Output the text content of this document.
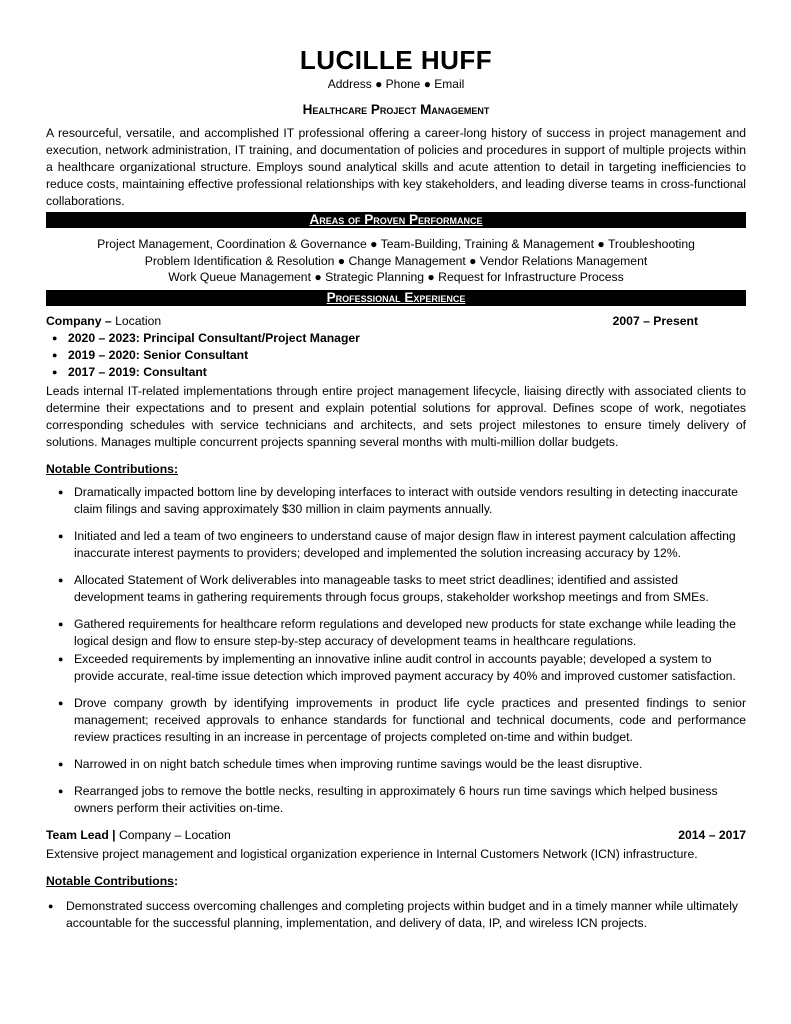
LUCILLE HUFF
Address ● Phone ● Email
Healthcare Project Management
A resourceful, versatile, and accomplished IT professional offering a career-long history of success in project management and execution, network administration, IT training, and documentation of policies and procedures in support of multiple projects within a healthcare organizational structure. Employs sound analytical skills and acute attention to detail in targeting inefficiencies to reduce costs, maintaining effective professional relationships with key stakeholders, and leading diverse teams in cross-functional collaborations.
Areas of Proven Performance
Project Management, Coordination & Governance ● Team-Building, Training & Management ● Troubleshooting
Problem Identification & Resolution ● Change Management ● Vendor Relations Management
Work Queue Management ● Strategic Planning ● Request for Infrastructure Process
Professional Experience
Company – Location	2007 – Present
● 2020 – 2023: Principal Consultant/Project Manager
● 2019 – 2020: Senior Consultant
● 2017 – 2019: Consultant
Leads internal IT-related implementations through entire project management lifecycle, liaising directly with associated clients to determine their expectations and to present and explain potential solutions for approval. Defines scope of work, negotiates corresponding schedules with service technicians and architects, and sets project milestones to ensure timely delivery of solutions. Manages multiple concurrent projects spanning several months with multi-million dollar budgets.
Notable Contributions:
● Dramatically impacted bottom line by developing interfaces to interact with outside vendors resulting in detecting inaccurate claim filings and saving approximately $30 million in claim payments annually.
● Initiated and led a team of two engineers to understand cause of major design flaw in interest payment calculation affecting inaccurate interest payments to providers; developed and implemented the solution increasing accuracy by 12%.
● Allocated Statement of Work deliverables into manageable tasks to meet strict deadlines; identified and assisted development teams in gathering requirements through focus groups, stakeholder workshop meetings and from SMEs.
● Gathered requirements for healthcare reform regulations and developed new products for state exchange while leading the logical design and flow to ensure step-by-step accuracy of development teams in healthcare regulations.
● Exceeded requirements by implementing an innovative inline audit control in accounts payable; developed a system to provide accurate, real-time issue detection which improved payment accuracy by 40% and improved customer satisfaction.
● Drove company growth by identifying improvements in product life cycle practices and presented findings to senior management; received approvals to enhance standards for functional and technical documents, code and performance review practices resulting in an increase in percentage of projects completed on-time and within budget.
● Narrowed in on night batch schedule times when improving runtime savings would be the least disruptive.
● Rearranged jobs to remove the bottle necks, resulting in approximately 6 hours run time savings which helped business owners perform their activities on-time.
Team Lead | Company – Location	2014 – 2017
Extensive project management and logistical organization experience in Internal Customers Network (ICN) infrastructure.
Notable Contributions:
● Demonstrated success overcoming challenges and completing projects within budget and in a timely manner while ultimately accountable for the successful planning, implementation, and delivery of data, IP, and wireless ICN projects.
